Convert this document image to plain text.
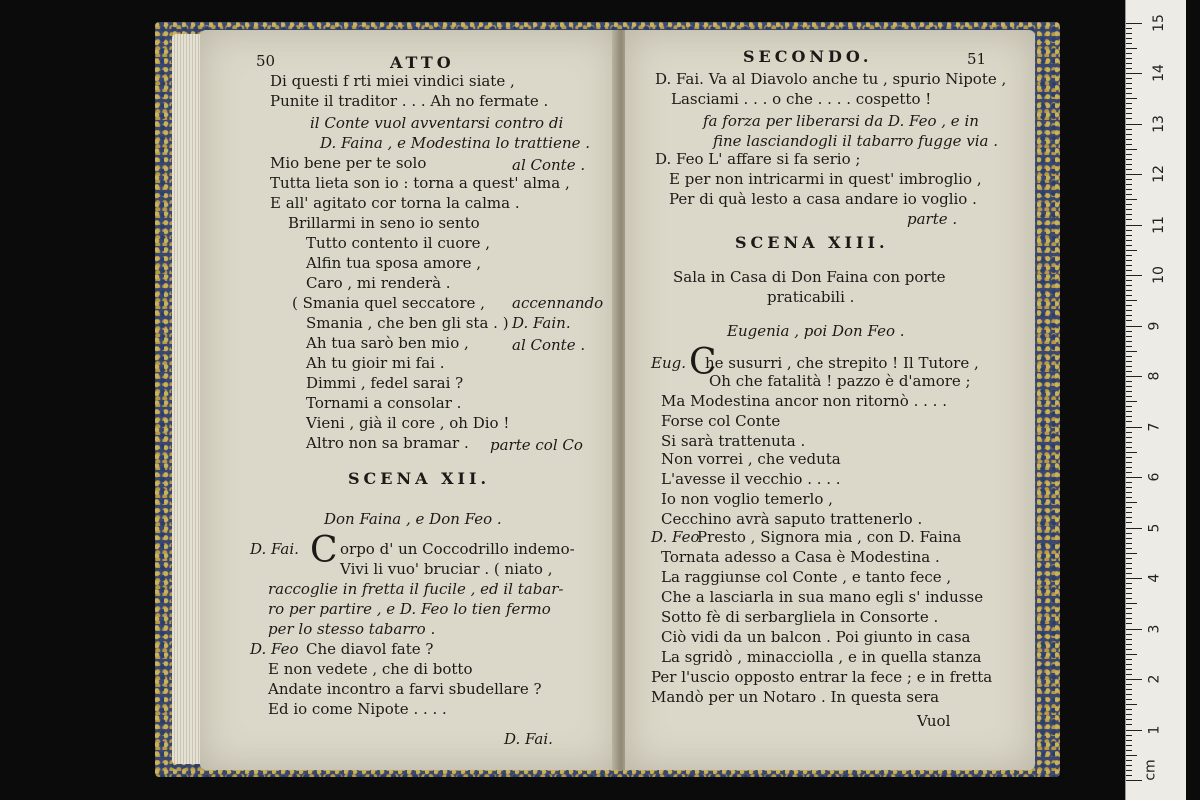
50	ATTO
Di questi f rti miei vindici siate ,
Punite il traditor . . . Ah no fermate .
il Conte vuol avventarsi contro di
D. Faina , e Modestina lo trattiene .
Mio bene per te solo	al Conte .
Tutta lieta son io : torna a quest' alma ,
E all' agitato cor torna la calma .
Brillarmi in seno io sento
Tutto contento il cuore ,
Alfin tua sposa amore ,
Caro , mi renderà .
( Smania quel seccatore , accennando
Smania , che ben gli sta . ) D. Fain.
Ah tua sarò ben mio ,	al Conte .
Ah tu gioir mi fai .
Dimmi , fedel sarai ?
Tornami a consolar .
Vieni , già il core , oh Dio !
Altro non sa bramar . parte col Co
SCENA XII.
Don Faina , e Don Feo .
D. Fai. C orpo d' un Coccodrillo indemo-
Vivi li vuo' bruciar . ( niato ,
raccoglie in fretta il fucile , ed il tabar-
ro per partire , e D. Feo lo tien fermo
per lo stesso tabarro .
D. Feo Che diavol fate ?
E non vedete , che di botto
Andate incontro a farvi sbudellare ?
Ed io come Nipote . . . .
D. Fai.
SECONDO.	51
D. Fai. Va al Diavolo anche tu , spurio Nipote ,
Lasciami . . . o che . . . . cospetto !
fa forza per liberarsi da D. Feo , e in
fine lasciandogli il tabarro fugge via .
D. Feo L' affare si fa serio ;
E per non intricarmi in quest' imbroglio ,
Per di quà lesto a casa andare io voglio .
parte .
SCENA XIII.
Sala in Casa di Don Faina con porte
praticabili .
Eugenia , poi Don Feo .
Eug. C
he susurri , che strepito ! Il Tutore ,
Oh che fatalità ! pazzo è d'amore ;
Ma Modestina ancor non ritornò . . . .
Forse col Conte
Si sarà trattenuta .
Non vorrei , che veduta
L'avesse il vecchio . . . .
Io non voglio temerlo ,
Cecchino avrà saputo trattenerlo .
D. Feo
Presto , Signora mia , con D. Faina
Tornata adesso a Casa è Modestina .
La raggiunse col Conte , e tanto fece ,
Che a lasciarla in sua mano egli s' indusse
Sotto fè di serbargliela in Consorte .
Ciò vidi da un balcon . Poi giunto in casa
La sgridò , minacciolla , e in quella stanza
Per l'uscio opposto entrar la fece ; e in fretta
Mandò per un Notaro . In questa sera
Vuol
cm
1
2
3
4
5
6
7
8
9
10
11
12
13
14
15
